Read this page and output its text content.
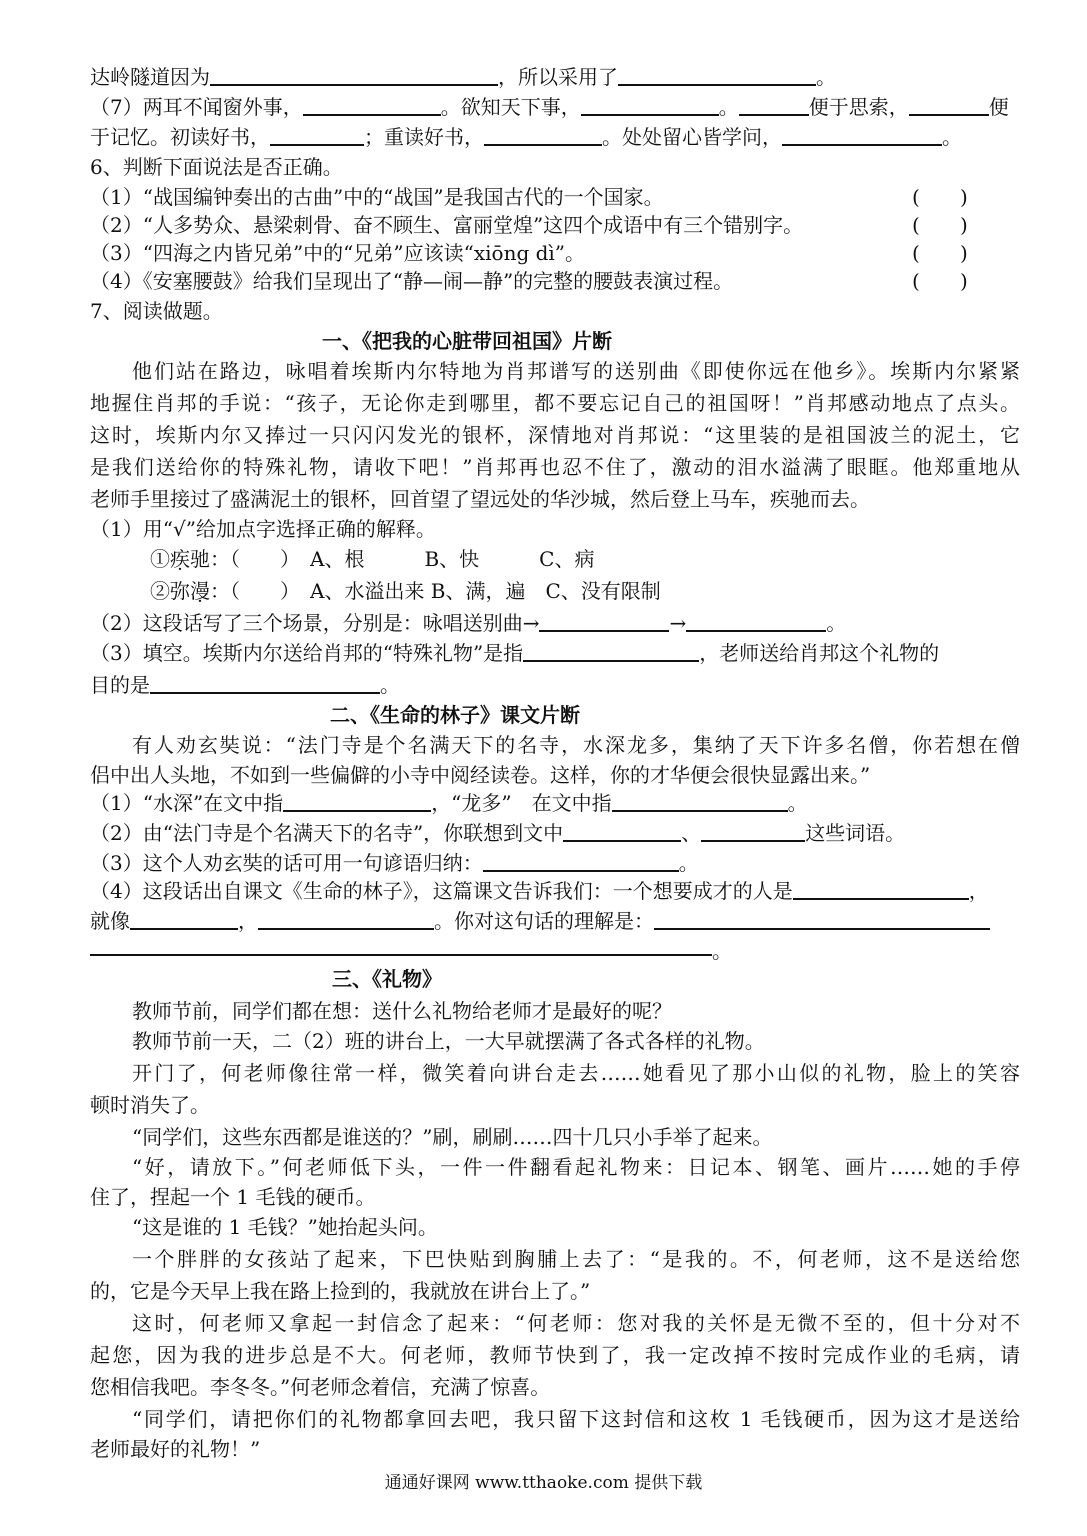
达岭隧道因为	，所以采用了	。
（7）两耳不闻窗外事，	。欲知天下事，	。	便于思索，	便
于记忆。初读好书，	；重读好书，	。处处留心皆学问，	。
6、判断下面说法是否正确。
（1）“战国编钟奏出的古曲”中的“战国”是我国古代的一个国家。	( )
（2）“人多势众、悬梁刺骨、奋不顾生、富丽堂煌”这四个成语中有三个错别字。	( )
（3）“四海之内皆兄弟”中的“兄弟”应该读“xiōng dì”。	( )
（4）《安塞腰鼓》给我们呈现出了“静—闹—静”的完整的腰鼓表演过程。	( )
7、阅读做题。
一、《把我的心脏带回祖国》片断
他们站在路边，咏唱着埃斯内尔特地为肖邦谱写的送别曲《即使你远在他乡》。埃斯内尔紧紧
地握住肖邦的手说：“孩子，无论你走到哪里，都不要忘记自己的祖国呀！”肖邦感动地点了点头。
这时，埃斯内尔又捧过一只闪闪发光的银杯，深情地对肖邦说：“这里装的是祖国波兰的泥土，它
是我们送给你的特殊礼物，请收下吧！”肖邦再也忍不住了，激动的泪水溢满了眼眶。他郑重地从
老师手里接过了盛满泥土的银杯，回首望了望远处的华沙城，然后登上马车，疾驰而去。
（1）用“√”给加点字选择正确的解释。
①疾驰：（　　）　A、根　　　B、快　　　C、病
②弥漫：（　　）　A、水溢出来 B、满，遍　C、没有限制
（2）这段话写了三个场景，分别是：咏唱送别曲→	→	。
（3）填空。埃斯内尔送给肖邦的“特殊礼物”是指	，老师送给肖邦这个礼物的
目的是	。
二、《生命的林子》课文片断
有人劝玄奘说：“法门寺是个名满天下的名寺，水深龙多，集纳了天下许多名僧，你若想在僧
侣中出人头地，不如到一些偏僻的小寺中阅经读卷。这样，你的才华便会很快显露出来。”
（1）“水深”在文中指	，“龙多”　在文中指	。
（2）由“法门寺是个名满天下的名寺”，你联想到文中	、	这些词语。
（3）这个人劝玄奘的话可用一句谚语归纳：	。
（4）这段话出自课文《生命的林子》，这篇课文告诉我们：一个想要成才的人是	，
就像	，	。你对这句话的理解是：
。
三、《礼物》
教师节前，同学们都在想：送什么礼物给老师才是最好的呢？
教师节前一天，二（2）班的讲台上，一大早就摆满了各式各样的礼物。
开门了，何老师像往常一样，微笑着向讲台走去……她看见了那小山似的礼物，脸上的笑容
顿时消失了。
“同学们，这些东西都是谁送的？”刷，刷刷……四十几只小手举了起来。
“好，请放下。”何老师低下头，一件一件翻看起礼物来：日记本、钢笔、画片……她的手停
住了，捏起一个 1 毛钱的硬币。
“这是谁的 1 毛钱？”她抬起头问。
一个胖胖的女孩站了起来，下巴快贴到胸脯上去了：“是我的。不，何老师，这不是送给您
的，它是今天早上我在路上捡到的，我就放在讲台上了。”
这时，何老师又拿起一封信念了起来：“何老师：您对我的关怀是无微不至的，但十分对不
起您，因为我的进步总是不大。何老师，教师节快到了，我一定改掉不按时完成作业的毛病，请
您相信我吧。李冬冬。”何老师念着信，充满了惊喜。
“同学们，请把你们的礼物都拿回去吧，我只留下这封信和这枚 1 毛钱硬币，因为这才是送给
老师最好的礼物！”
通通好课网 www.tthaoke.com 提供下载
